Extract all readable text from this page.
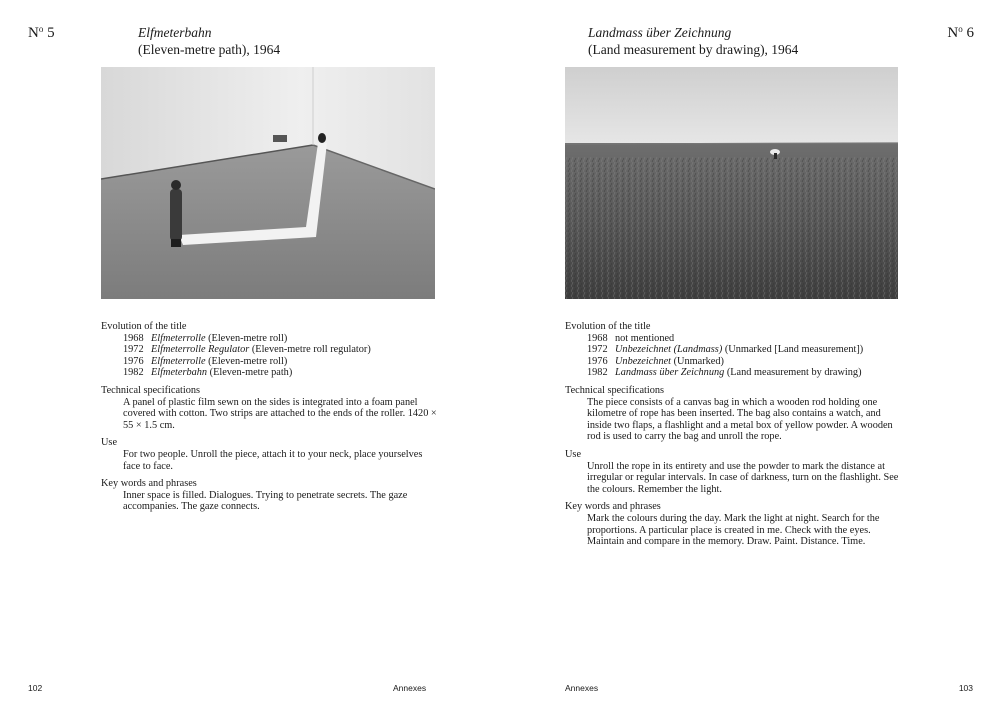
$N^o$ 5	Elfmeterbahn
(Eleven-metre path), 1964
Evolution of the title
1968 Elfmeterrolle (Eleven-metre roll)
1972 Elfmeterrolle Regulator (Eleven-metre roll regulator)
1976 Elfmeterrolle (Eleven-metre roll)
1982 Elfmeterbahn (Eleven-metre path)
Technical specifications
A panel of plastic film sewn on the sides is integrated into a foam panel covered with cotton. Two strips are attached to the ends of the roller. 1420 × 55 × 1.5 cm.
Use
For two people. Unroll the piece, attach it to your neck, place yourselves face to face.
Key words and phrases
Inner space is filled. Dialogues. Trying to penetrate secrets. The gaze accompanies. The gaze connects.
102	Annexes
Landmass über Zeichnung
(Land measurement by drawing), 1964
$N^o$ 6
Evolution of the title
1968 not mentioned
1972 Unbezeichnet (Landmass) (Unmarked [Land measurement])
1976 Unbezeichnet (Unmarked)
1982 Landmass über Zeichnung (Land measurement by drawing)
Technical specifications
The piece consists of a canvas bag in which a wooden rod holding one kilometre of rope has been inserted. The bag also contains a watch, and inside two flaps, a flashlight and a metal box of yellow powder. A wooden rod is used to carry the bag and unroll the rope.
Use
Unroll the rope in its entirety and use the powder to mark the distance at irregular or regular intervals. In case of darkness, turn on the flashlight. See the colours. Remember the light.
Key words and phrases
Mark the colours during the day. Mark the light at night. Search for the proportions. A particular place is created in me. Check with the eyes. Maintain and compare in the memory. Draw. Paint. Distance. Time.
Annexes	103
